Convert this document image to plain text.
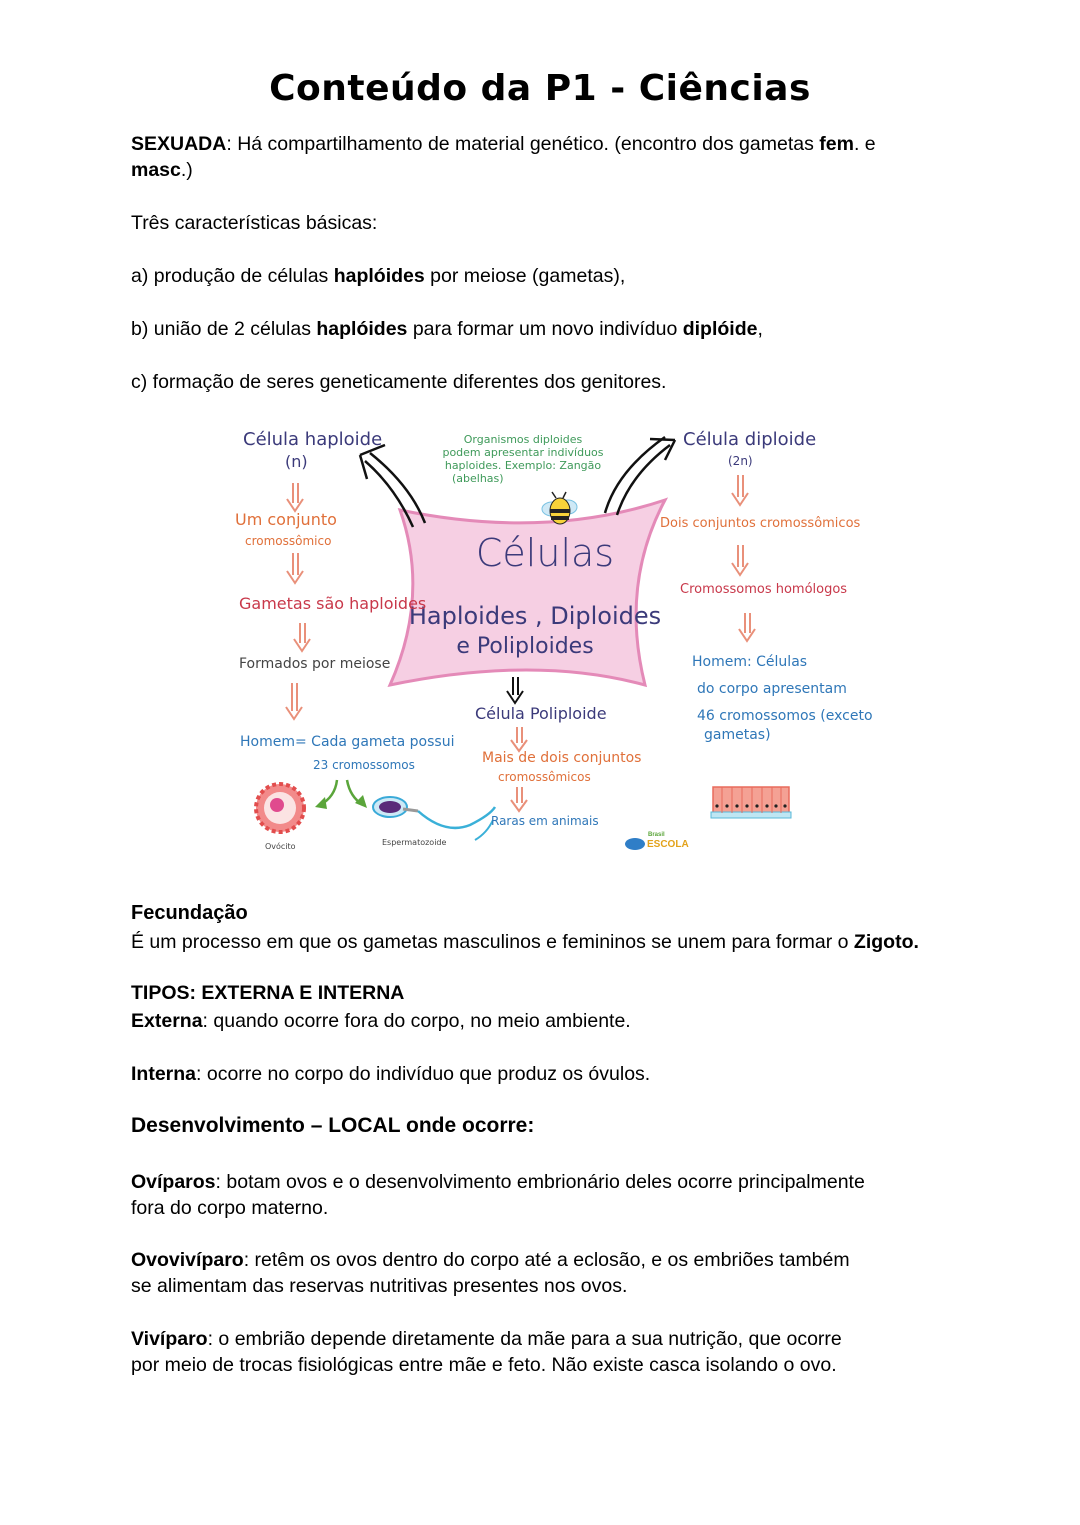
Conteúdo da P1 - Ciências
SEXUADA: Há compartilhamento de material genético. (encontro dos gametas fem. e
masc.)
Três características básicas:
a) produção de células haplóides por meiose (gametas),
b) união de 2 células haplóides para formar um novo indivíduo diplóide,
c) formação de seres geneticamente diferentes dos genitores.
Células
Haploides , Diploides
e Poliploides
Célula haploide
(n)
Um conjunto
cromossômico
Gametas são haploides
Formados por meiose
Homem= Cada gameta possui
23 cromossomos
Ovócito	Espermatozoide
Organismos diploides
podem apresentar indivíduos
haploides. Exemplo: Zangão
(abelhas)
Célula diploide
(2n)
Dois conjuntos cromossômicos
Cromossomos homólogos
Homem: Células
do corpo apresentam
46 cromossomos (exceto
gametas)
Célula Poliploide
Mais de dois conjuntos
cromossômicos
Raras em animais
Brasil
ESCOLA
Fecundação
É um processo em que os gametas masculinos e femininos se unem para formar o Zigoto.
TIPOS: EXTERNA E INTERNA
Externa: quando ocorre fora do corpo, no meio ambiente.
Interna: ocorre no corpo do indivíduo que produz os óvulos.
Desenvolvimento – LOCAL onde ocorre:
Ovíparos: botam ovos e o desenvolvimento embrionário deles ocorre principalmente
fora do corpo materno.
Ovovivíparo: retêm os ovos dentro do corpo até a eclosão, e os embriões também
se alimentam das reservas nutritivas presentes nos ovos.
Vivíparo: o embrião depende diretamente da mãe para a sua nutrição, que ocorre
por meio de trocas fisiológicas entre mãe e feto. Não existe casca isolando o ovo.
